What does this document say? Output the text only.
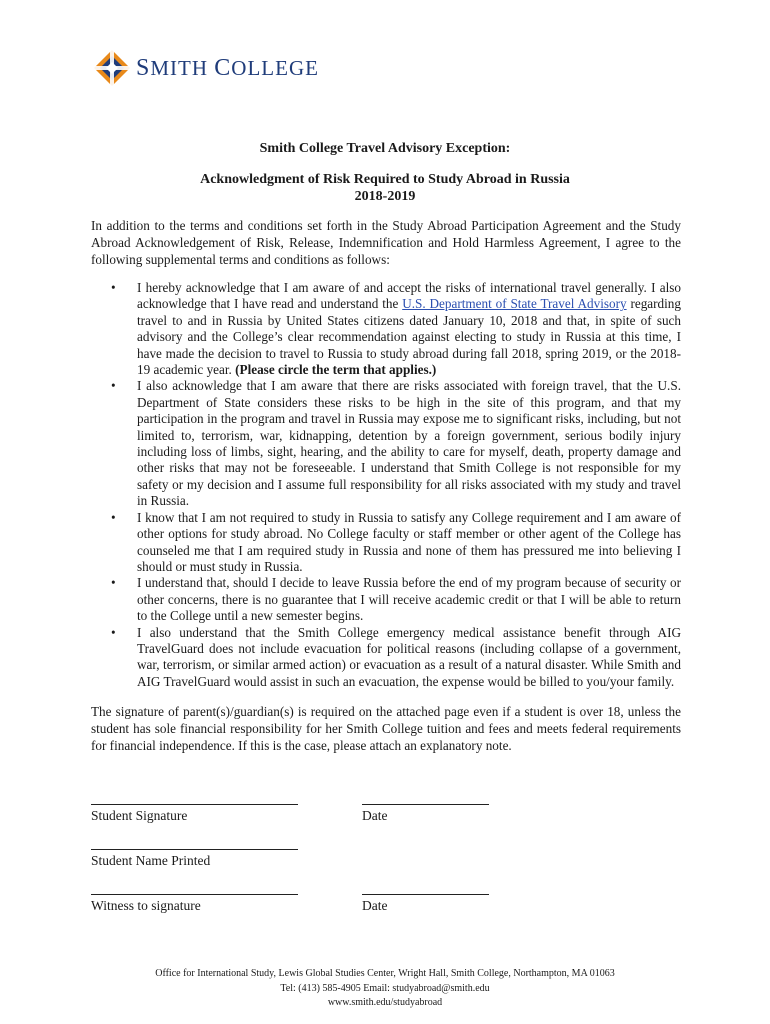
SMITH COLLEGE
Smith College Travel Advisory Exception:
Acknowledgment of Risk Required to Study Abroad in Russia
2018-2019
In addition to the terms and conditions set forth in the Study Abroad Participation Agreement and the Study Abroad Acknowledgement of Risk, Release, Indemnification and Hold Harmless Agreement, I agree to the following supplemental terms and conditions as follows:
• I hereby acknowledge that I am aware of and accept the risks of international travel generally. I also acknowledge that I have read and understand the U.S. Department of State Travel Advisory regarding travel to and in Russia by United States citizens dated January 10, 2018 and that, in spite of such advisory and the College’s clear recommendation against electing to study in Russia at this time, I have made the decision to travel to Russia to study abroad during fall 2018, spring 2019, or the 2018-19 academic year. (Please circle the term that applies.)
• I also acknowledge that I am aware that there are risks associated with foreign travel, that the U.S. Department of State considers these risks to be high in the site of this program, and that my participation in the program and travel in Russia may expose me to significant risks, including, but not limited to, terrorism, war, kidnapping, detention by a foreign government, serious bodily injury including loss of limbs, sight, hearing, and the ability to care for myself, death, property damage and other risks that may not be foreseeable. I understand that Smith College is not responsible for my safety or my decision and I assume full responsibility for all risks associated with my study and travel in Russia.
• I know that I am not required to study in Russia to satisfy any College requirement and I am aware of other options for study abroad. No College faculty or staff member or other agent of the College has counseled me that I am required study in Russia and none of them has pressured me into believing I should or must study in Russia.
• I understand that, should I decide to leave Russia before the end of my program because of security or other concerns, there is no guarantee that I will receive academic credit or that I will be able to return to the College until a new semester begins.
• I also understand that the Smith College emergency medical assistance benefit through AIG TravelGuard does not include evacuation for political reasons (including collapse of a government, war, terrorism, or similar armed action) or evacuation as a result of a natural disaster. While Smith and AIG TravelGuard would assist in such an evacuation, the expense would be billed to you/your family.
The signature of parent(s)/guardian(s) is required on the attached page even if a student is over 18, unless the student has sole financial responsibility for her Smith College tuition and fees and meets federal requirements for financial independence. If this is the case, please attach an explanatory note.
Student Signature	Date
Student Name Printed
Witness to signature	Date
Office for International Study, Lewis Global Studies Center, Wright Hall, Smith College, Northampton, MA 01063
Tel: (413) 585-4905 Email: studyabroad@smith.edu
www.smith.edu/studyabroad
